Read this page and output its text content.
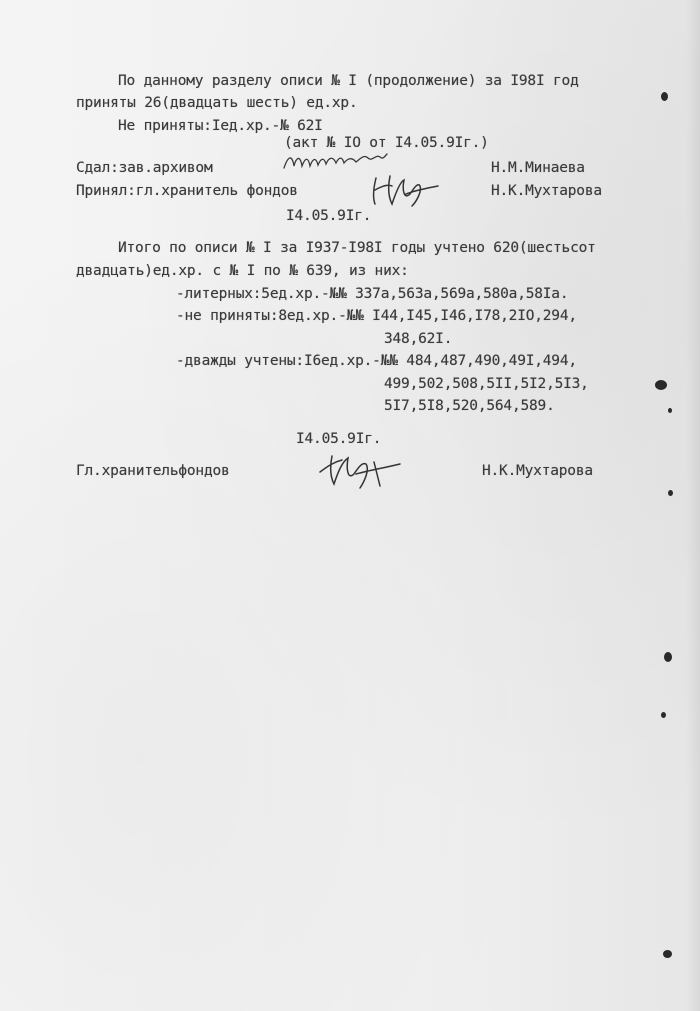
По данному разделу описи № I (продолжение) за I98I год
приняты 26(двадцать шесть) ед.хр.
Не приняты:Iед.хр.-№ 62I
(акт № IО от I4.05.9Iг.)
Сдал:зав.архивом	Н.М.Минаева
Принял:гл.хранитель фондов	Н.К.Мухтарова
I4.05.9Iг.
Итого по описи № I за I937-I98I годы учтено 620(шестьсот
двадцать)ед.хр. с № I по № 639, из них:
-литерных:5ед.хр.-№№ 337а,563а,569а,580а,58Iа.
-не приняты:8ед.хр.-№№ I44,I45,I46,I78,2IО,294,
348,62I.
-дважды учтены:I6ед.хр.-№№ 484,487,490,49I,494,
499,502,508,5II,5I2,5I3,
5I7,5I8,520,564,589.
I4.05.9Iг.
Гл.хранительфондов	Н.К.Мухтарова
